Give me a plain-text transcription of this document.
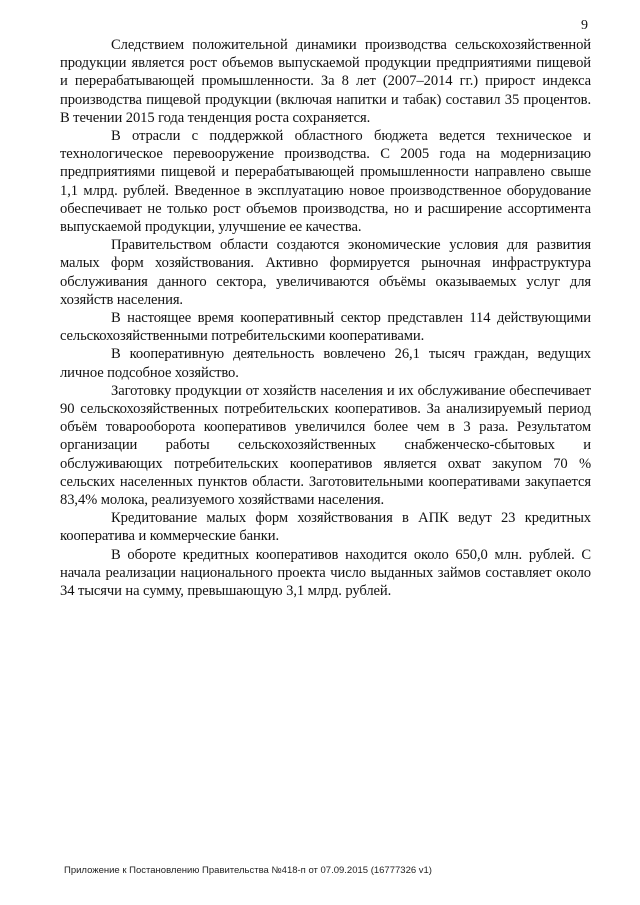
9

Следствием положительной динамики производства сельскохозяйственной продукции является рост объемов выпускаемой продукции предприятиями пищевой и перерабатывающей промышленности. За 8 лет (2007–2014 гг.) прирост индекса производства пищевой продукции (включая напитки и табак) составил 35 процентов. В течении 2015 года тенденция роста сохраняется.

В отрасли с поддержкой областного бюджета ведется техническое и технологическое перевооружение производства. С 2005 года на модернизацию предприятиями пищевой и перерабатывающей промышленности направлено свыше 1,1 млрд. рублей. Введенное в эксплуатацию новое производственное оборудование обеспечивает не только рост объемов производства, но и расширение ассортимента выпускаемой продукции, улучшение ее качества.

Правительством области создаются экономические условия для развития малых форм хозяйствования. Активно формируется рыночная инфраструктура обслуживания данного сектора, увеличиваются объёмы оказываемых услуг для хозяйств населения.

В настоящее время кооперативный сектор представлен 114 действующими сельскохозяйственными потребительскими кооперативами.

В кооперативную деятельность вовлечено 26,1 тысяч граждан, ведущих личное подсобное хозяйство.

Заготовку продукции от хозяйств населения и их обслуживание обеспечивает 90 сельскохозяйственных потребительских кооперативов. За анализируемый период объём товарооборота кооперативов увеличился более чем в 3 раза. Результатом организации работы сельскохозяйственных снабженческо-сбытовых и обслуживающих потребительских кооперативов является охват закупом 70 % сельских населенных пунктов области. Заготовительными кооперативами закупается 83,4% молока, реализуемого хозяйствами населения.

Кредитование малых форм хозяйствования в АПК ведут 23 кредитных кооператива и коммерческие банки.

В обороте кредитных кооперативов находится около 650,0 млн. рублей. С начала реализации национального проекта число выданных займов составляет около 34 тысячи на сумму, превышающую 3,1 млрд. рублей.

Приложение к Постановлению Правительства №418-п от 07.09.2015 (16777326 v1)
